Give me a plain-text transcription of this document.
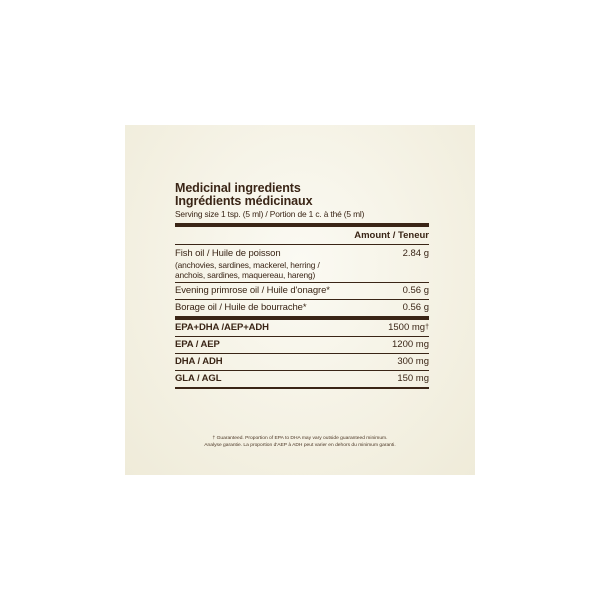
Medicinal ingredients
Ingrédients médicinaux
Serving size 1 tsp. (5 ml) / Portion de 1 c. à thé (5 ml)
Amount / Teneur
Fish oil / Huile de poisson	2.84 g
(anchovies, sardines, mackerel, herring /
anchois, sardines, maquereau, hareng)
Evening primrose oil / Huile d'onagre*	0.56 g
Borage oil / Huile de bourrache*	0.56 g
EPA+DHA /AEP+ADH	1500 mg†
EPA / AEP	1200 mg
DHA / ADH	300 mg
GLA / AGL	150 mg
† Guaranteed. Proportion of EPA to DHA may vary outside guaranteed minimum.
Analyse garantie. La proportion d'AEP à ADH peut varier en dehors du minimum garanti.
